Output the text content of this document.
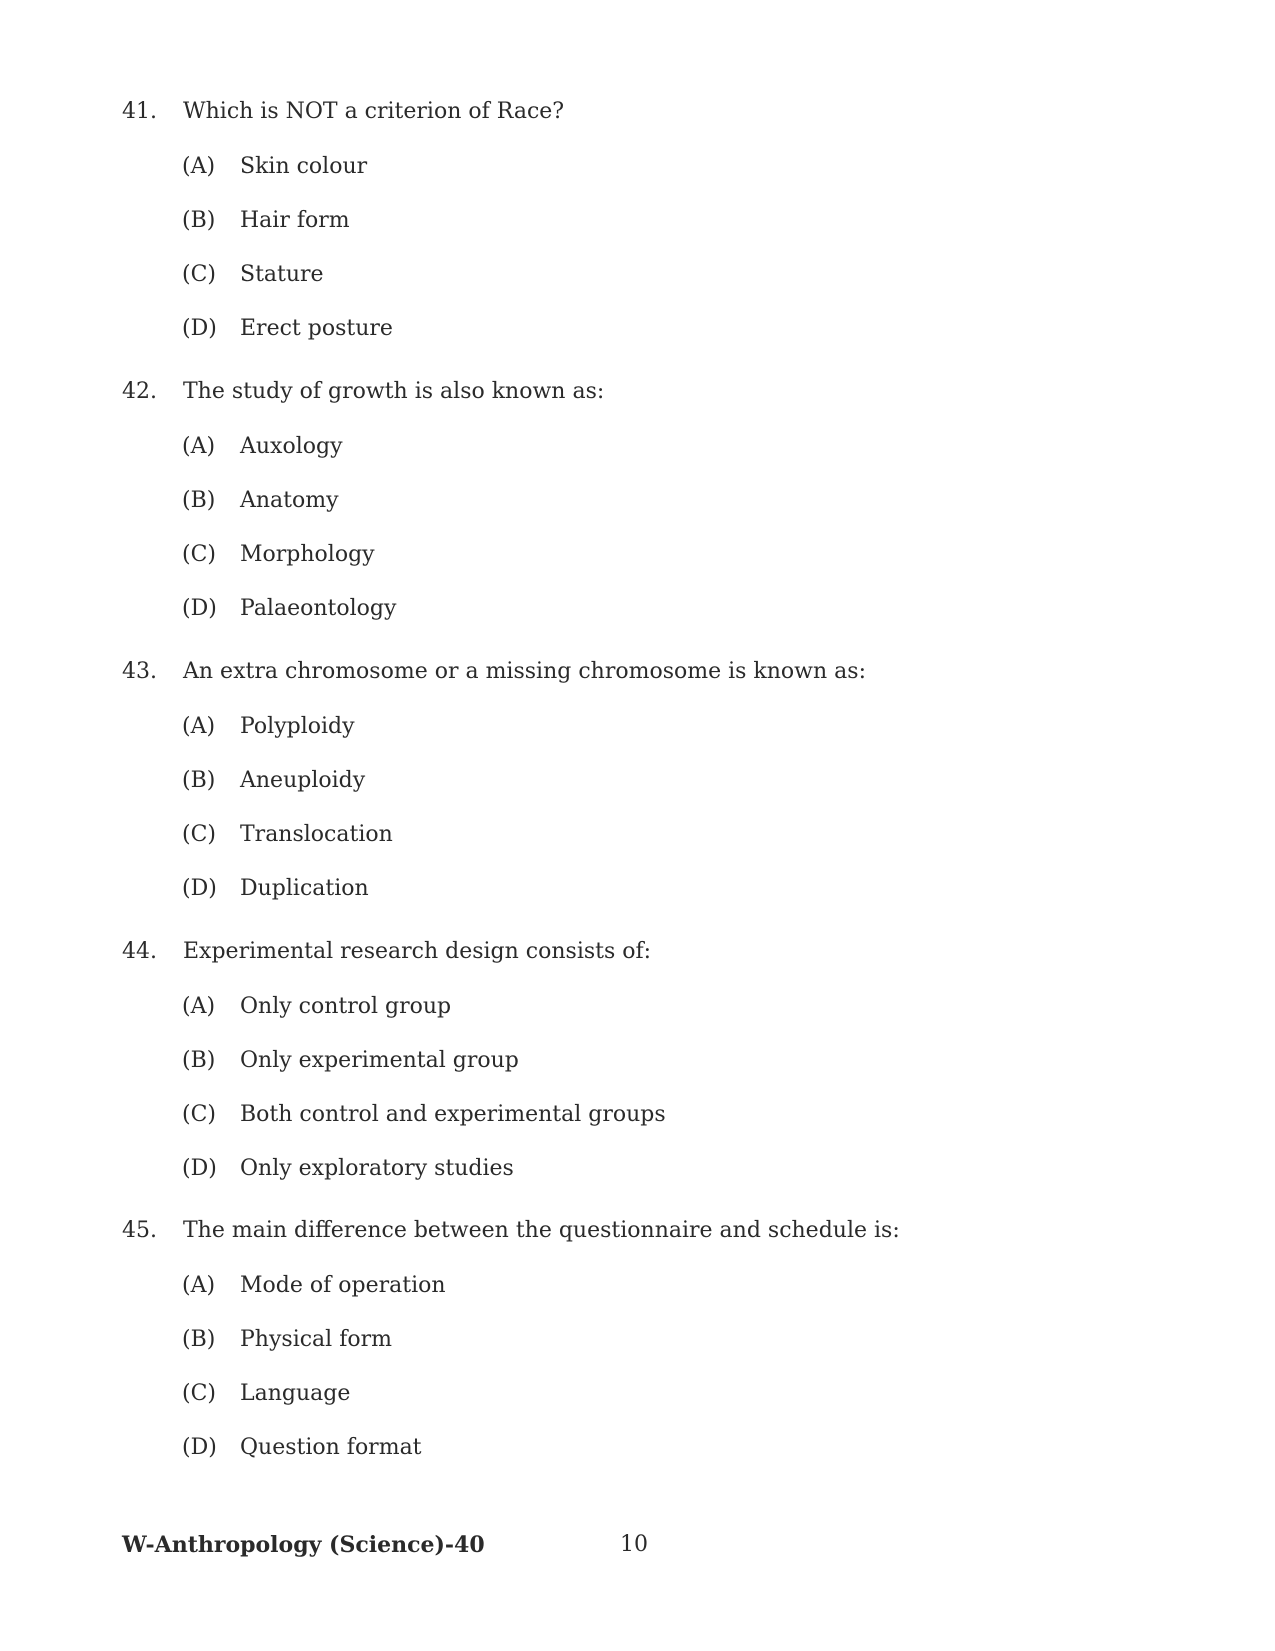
41. Which is NOT a criterion of Race?
(A) Skin colour
(B) Hair form
(C) Stature
(D) Erect posture
42. The study of growth is also known as:
(A) Auxology
(B) Anatomy
(C) Morphology
(D) Palaeontology
43. An extra chromosome or a missing chromosome is known as:
(A) Polyploidy
(B) Aneuploidy
(C) Translocation
(D) Duplication
44. Experimental research design consists of:
(A) Only control group
(B) Only experimental group
(C) Both control and experimental groups
(D) Only exploratory studies
45. The main difference between the questionnaire and schedule is:
(A) Mode of operation
(B) Physical form
(C) Language
(D) Question format
W-Anthropology (Science)-40	10
